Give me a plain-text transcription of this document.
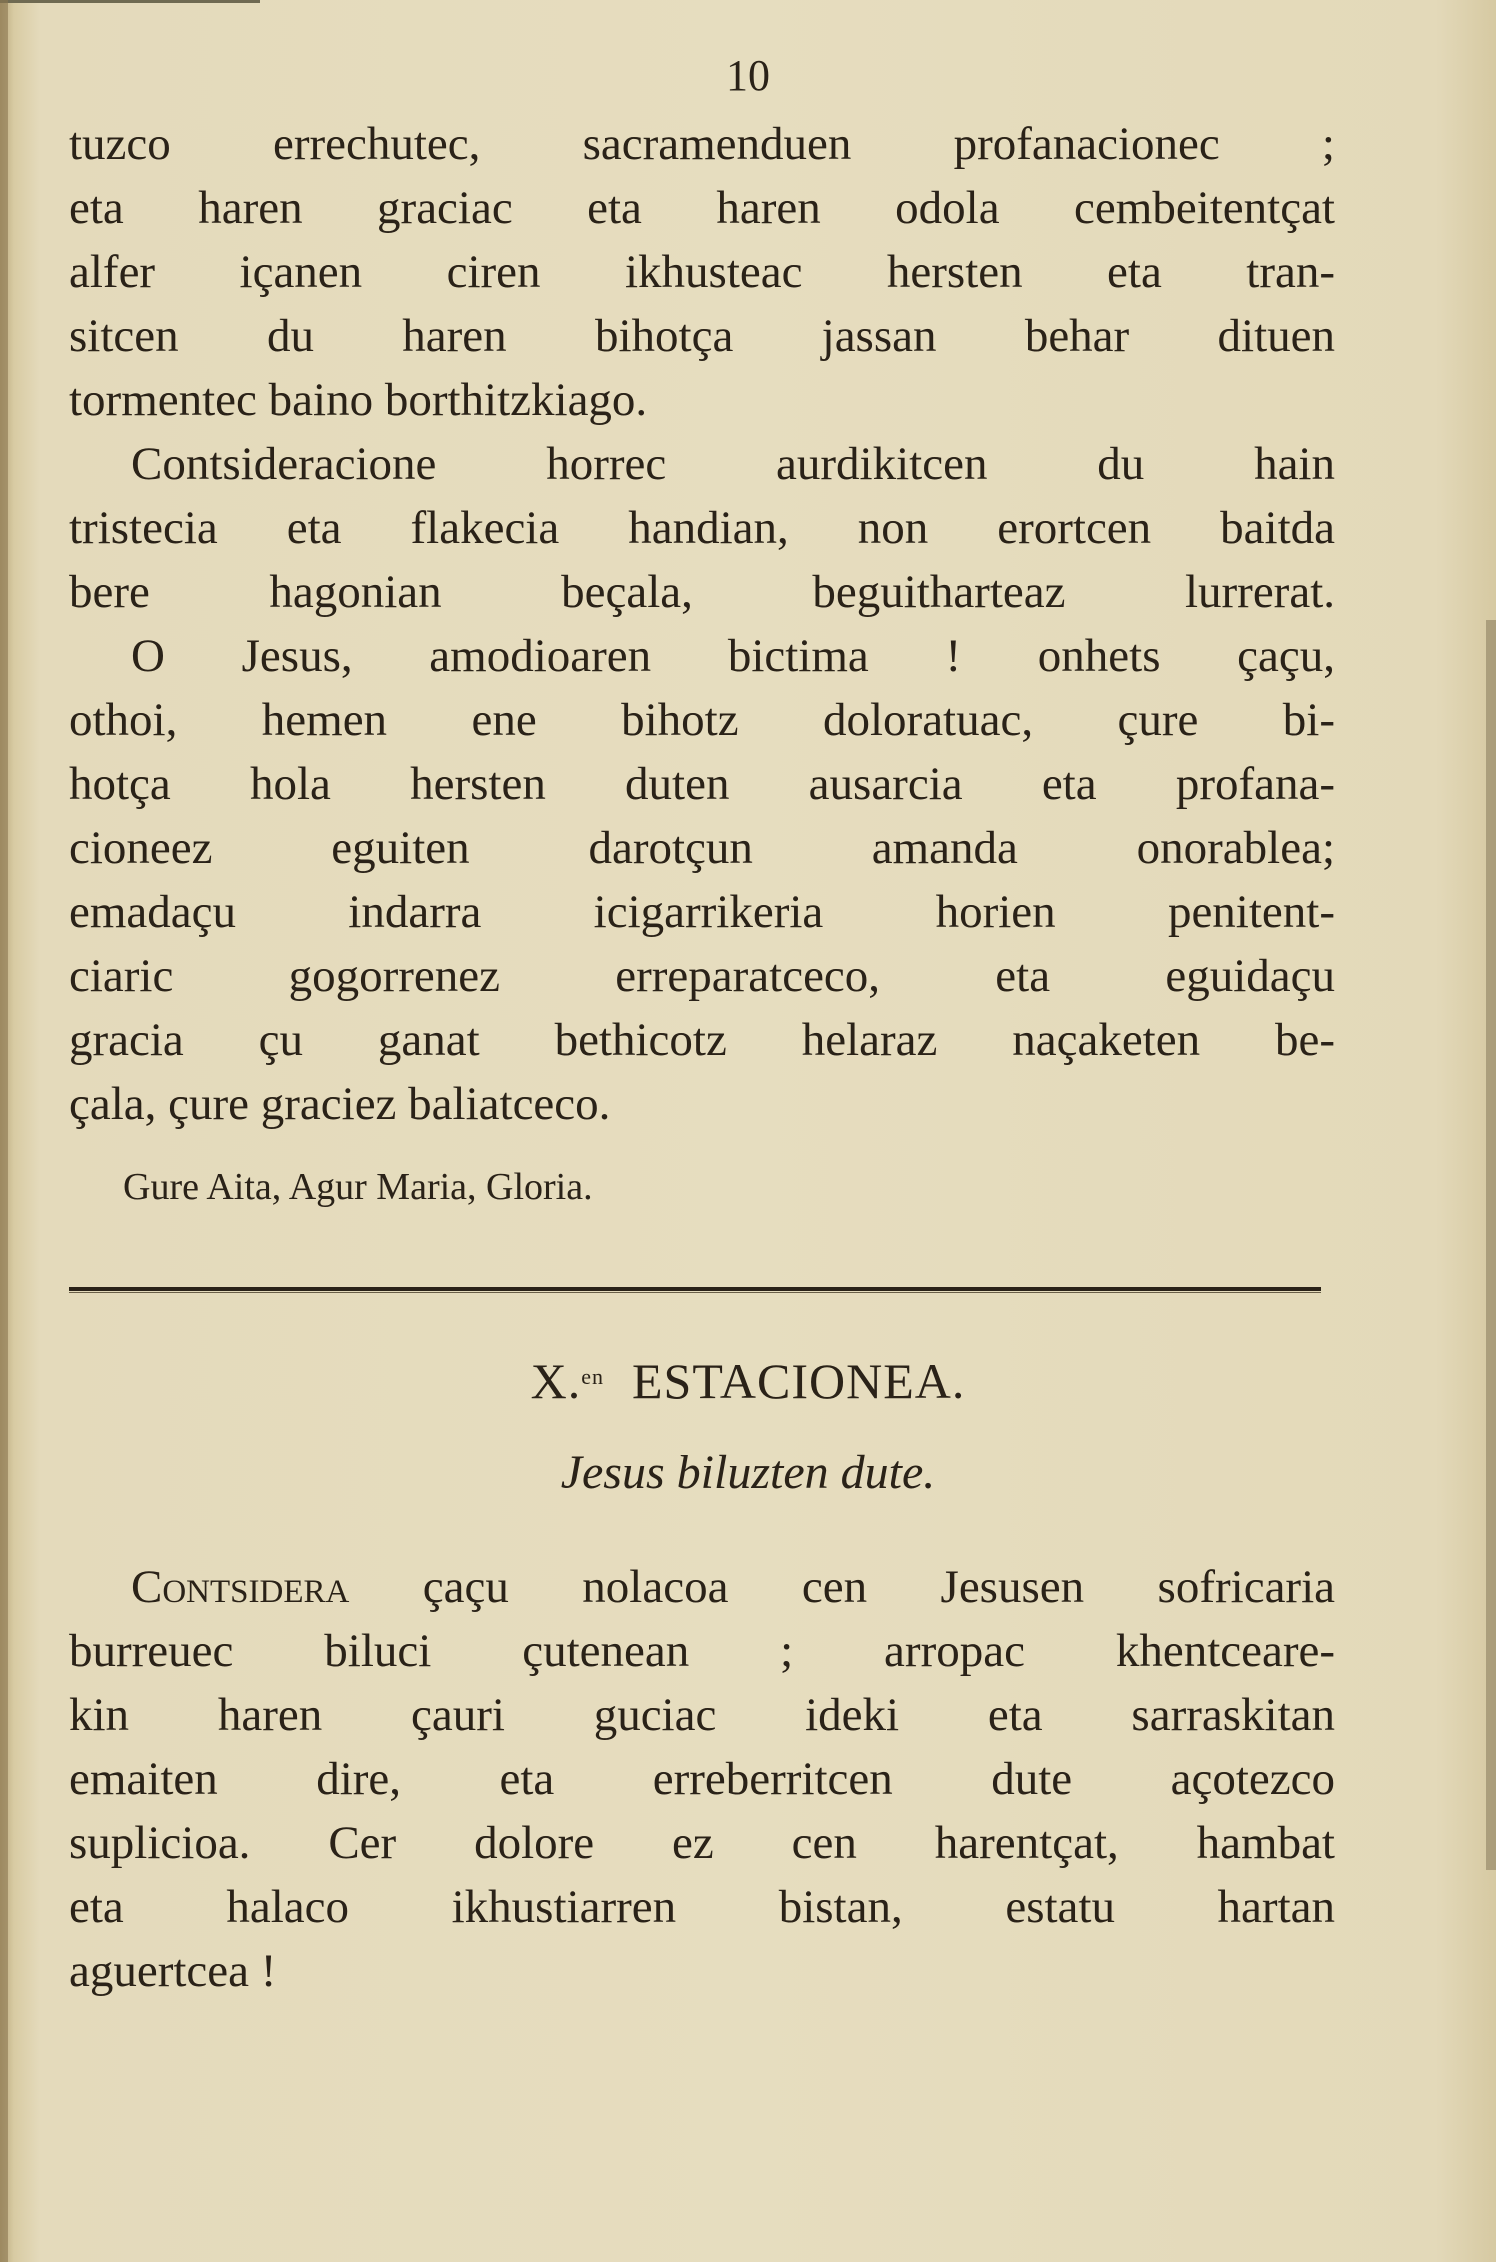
10
tuzco errechutec, sacramenduen profanacionec ;
eta haren graciac eta haren odola cembeitentçat
alfer içanen ciren ikhusteac hersten eta tran-
sitcen du haren bihotça jassan behar dituen
tormentec baino borthitzkiago.
Contsideracione horrec aurdikitcen du hain
tristecia eta flakecia handian, non erortcen baitda
bere hagonian beçala, beguitharteaz lurrerat.
O Jesus, amodioaren bictima ! onhets çaçu,
othoi, hemen ene bihotz doloratuac, çure bi-
hotça hola hersten duten ausarcia eta profana-
cioneez eguiten darotçun amanda onorablea;
emadaçu indarra icigarrikeria horien penitent-
ciaric gogorrenez erreparatceco, eta eguidaçu
gracia çu ganat bethicotz helaraz naçaketen be-
çala, çure graciez baliatceco.
Gure Aita, Agur Maria, Gloria.
X.$^{en}$ ESTACIONEA.
Jesus biluzten dute.
Contsidera çaçu nolacoa cen Jesusen sofricaria
burreuec biluci çutenean ; arropac khentceare-
kin haren çauri guciac ideki eta sarraskitan
emaiten dire, eta erreberritcen dute açotezco
suplicioa. Cer dolore ez cen harentçat, hambat
eta halaco ikhustiarren bistan, estatu hartan
aguertcea !
